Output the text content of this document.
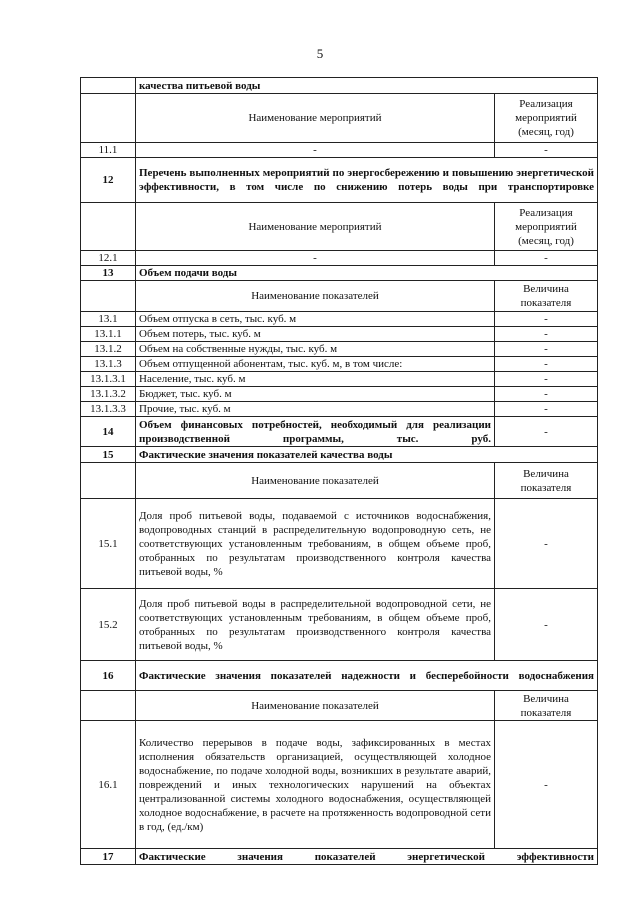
5
	качества питьевой воды	
	Наименование мероприятий	Реализация мероприятий (месяц, год)
11.1	-	-
12	Перечень выполненных мероприятий по энергосбережению и повышению энергетической эффективности, в том числе по снижению потерь воды при транспортировке	
	Наименование мероприятий	Реализация мероприятий (месяц, год)
12.1	-	-
13	Объем подачи воды	
	Наименование показателей	Величина показателя
13.1	Объем отпуска в сеть, тыс. куб. м	-
13.1.1	Объем потерь, тыс. куб. м	-
13.1.2	Объем на собственные нужды, тыс. куб. м	-
13.1.3	Объем отпущенной абонентам, тыс. куб. м, в том числе:	-
13.1.3.1	Население, тыс. куб. м	-
13.1.3.2	Бюджет, тыс. куб. м	-
13.1.3.3	Прочие, тыс. куб. м	-
14	Объем финансовых потребностей, необходимый для реализации производственной программы, тыс. руб.	-
15	Фактические значения показателей качества воды	
	Наименование показателей	Величина показателя
15.1	Доля проб питьевой воды, подаваемой с источников водоснабжения, водопроводных станций в распределительную водопроводную сеть, не соответствующих установленным требованиям, в общем объеме проб, отобранных по результатам производственного контроля качества питьевой воды, %	-
15.2	Доля проб питьевой воды в распределительной водопроводной сети, не соответствующих установленным требованиям, в общем объеме проб, отобранных по результатам производственного контроля качества питьевой воды, %	-
16	Фактические значения показателей надежности и бесперебойности водоснабжения	
	Наименование показателей	Величина показателя
16.1	Количество перерывов в подаче воды, зафиксированных в местах исполнения обязательств организацией, осуществляющей холодное водоснабжение, по подаче холодной воды, возникших в результате аварий, повреждений и иных технологических нарушений на объектах централизованной системы холодного водоснабжения, осуществляющей холодное водоснабжение, в расчете на протяженность водопроводной сети в год, (ед./км)	-
17	Фактические значения показателей энергетической эффективности	
